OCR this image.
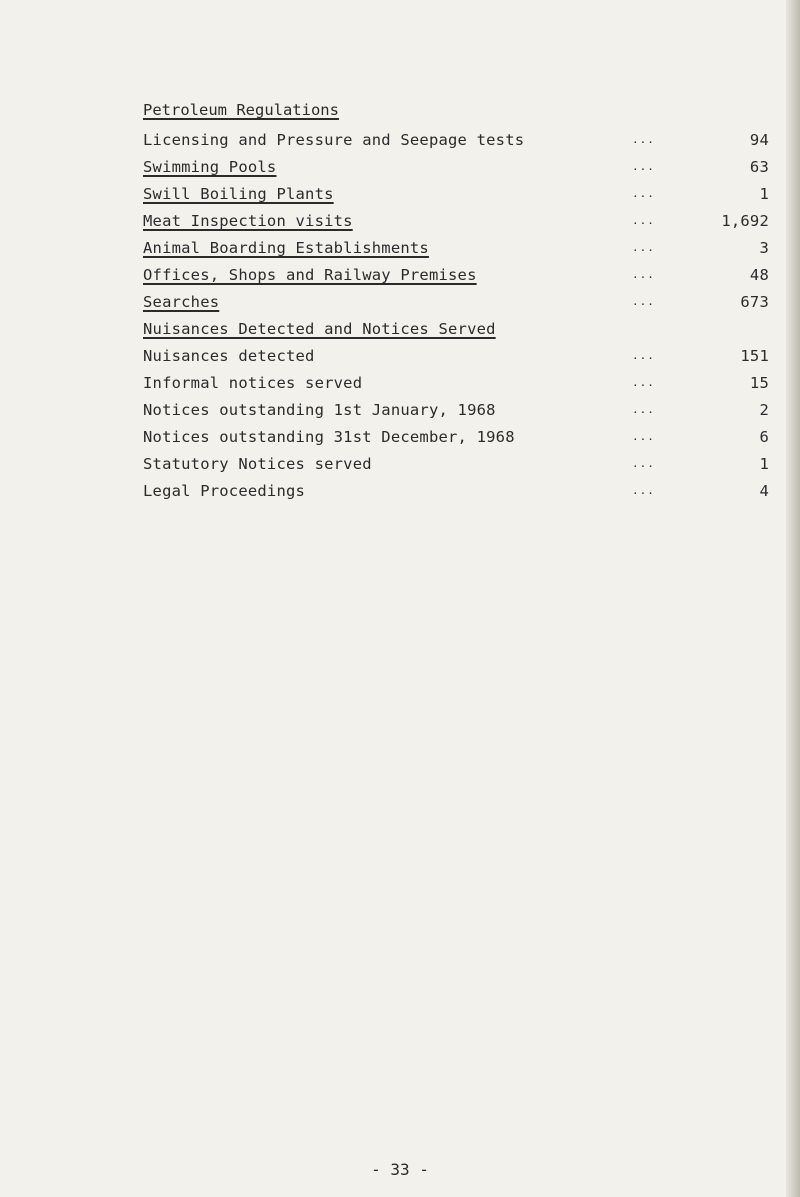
Petroleum Regulations
Licensing and Pressure and Seepage tests	...	94
Swimming Pools	...	63
Swill Boiling Plants	...	1
Meat Inspection visits	...	1,692
Animal Boarding Establishments	...	3
Offices, Shops and Railway Premises	...	48
Searches	...	673
Nuisances Detected and Notices Served
Nuisances detected	...	151
Informal notices served	...	15
Notices outstanding 1st January, 1968	...	2
Notices outstanding 31st December, 1968	...	6
Statutory Notices served	...	1
Legal Proceedings	...	4
- 33 -
